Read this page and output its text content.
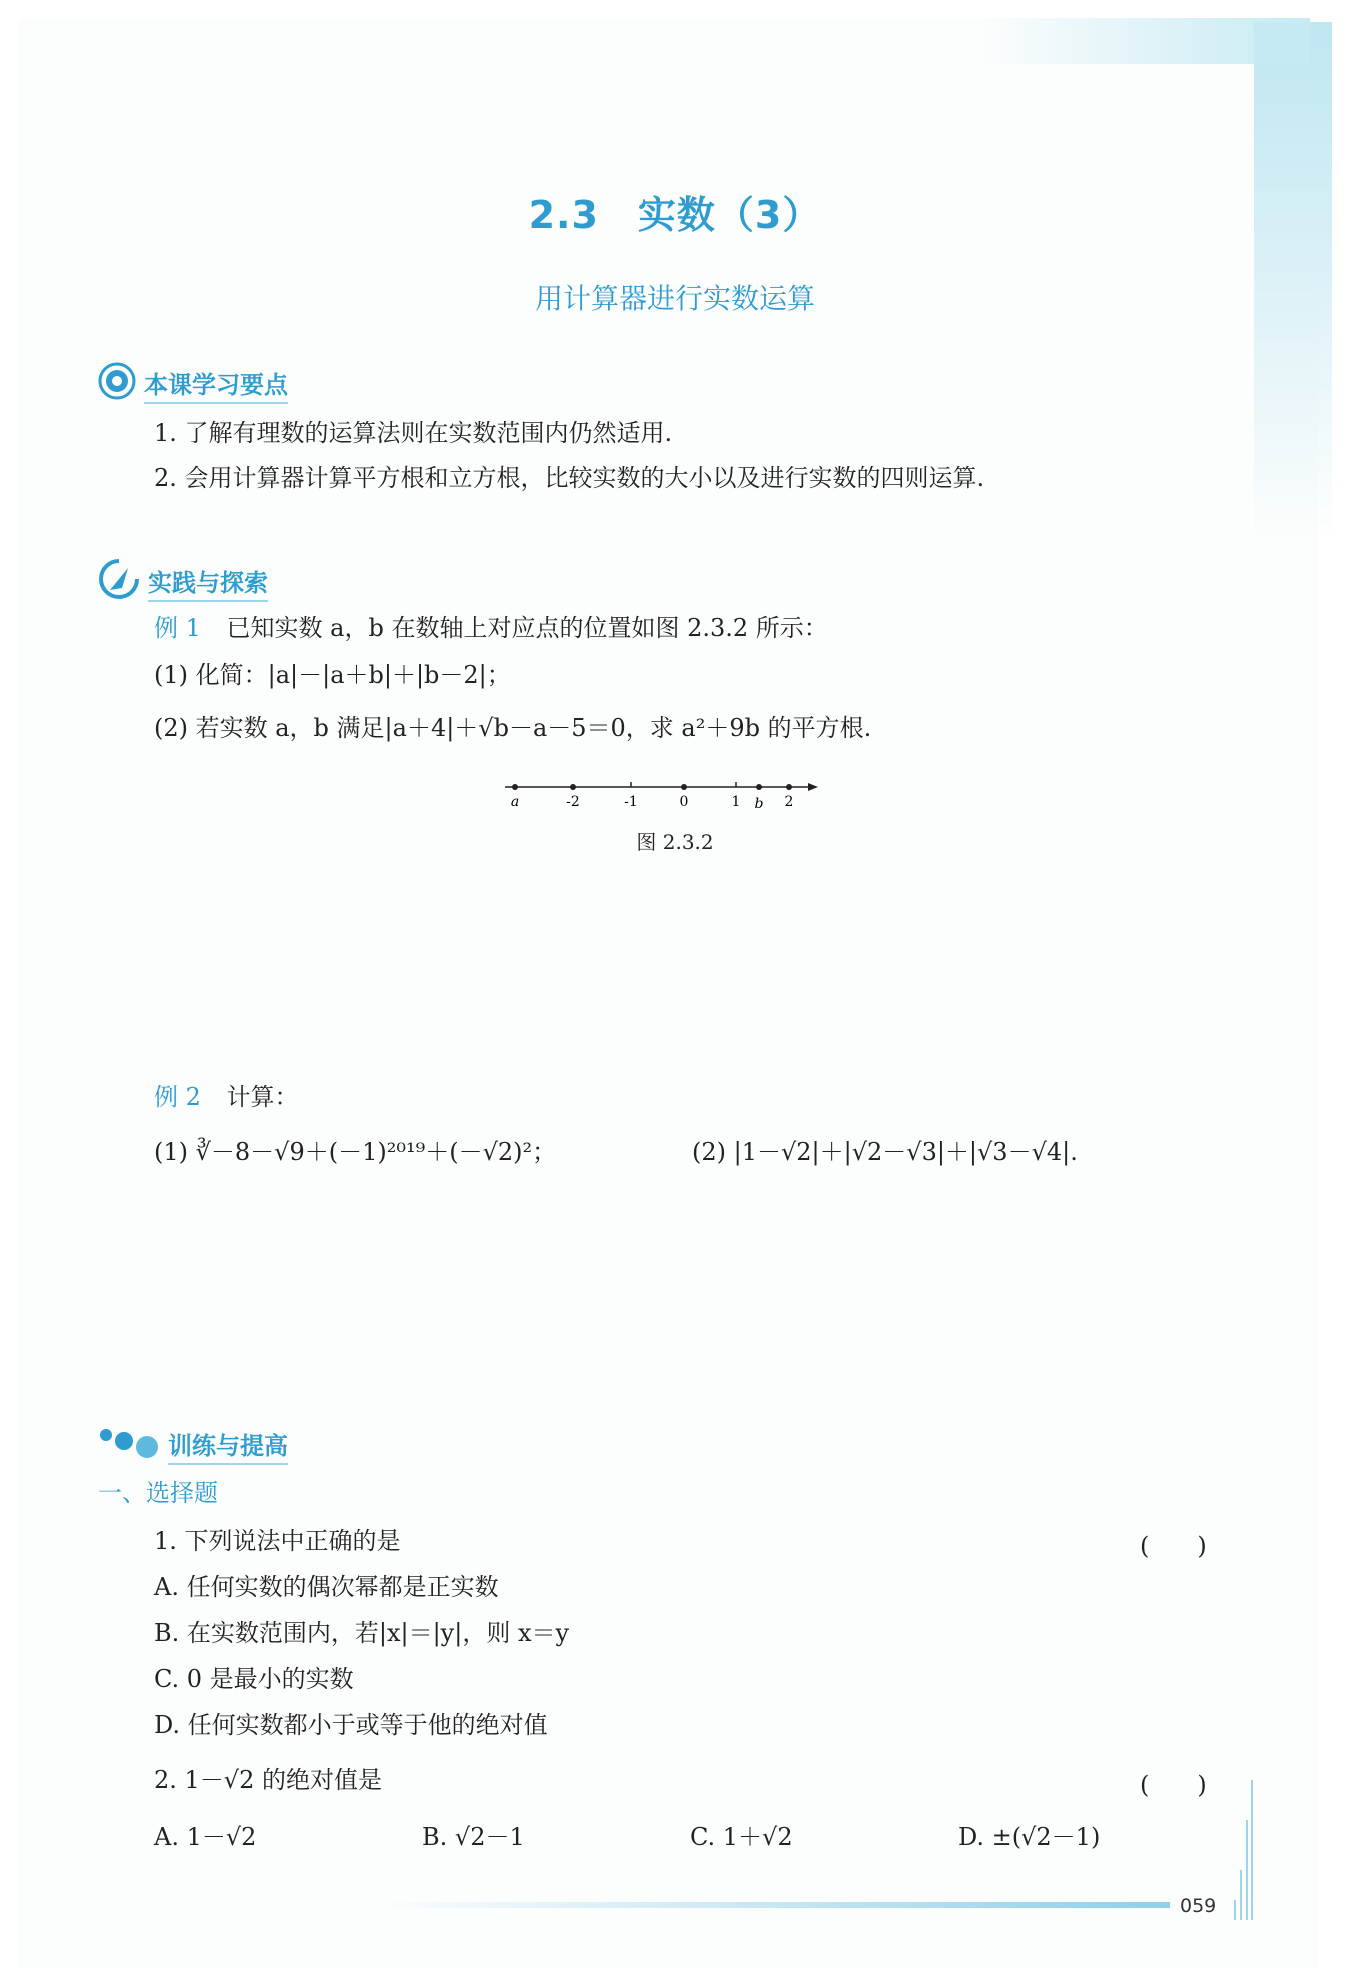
2.3　实数（3）
用计算器进行实数运算
本课学习要点
1. 了解有理数的运算法则在实数范围内仍然适用.
2. 会用计算器计算平方根和立方根，比较实数的大小以及进行实数的四则运算.
实践与探索
例 1 已知实数 a，b 在数轴上对应点的位置如图 2.3.2 所示：
(1) 化简：|a|－|a＋b|＋|b－2|；
(2) 若实数 a，b 满足|a＋4|＋√b－a－5＝0，求 a²＋9b 的平方根.
a	-2	-1	0	1 b 2
图 2.3.2
例 2 计算：
(1) ∛－8－√9＋(－1)²⁰¹⁹＋(－√2)²；	(2) |1－√2|＋|√2－√3|＋|√3－√4|.
训练与提高
一、选择题
1. 下列说法中正确的是	(　　)
A. 任何实数的偶次幂都是正实数
B. 在实数范围内，若|x|＝|y|，则 x＝y
C. 0 是最小的实数
D. 任何实数都小于或等于他的绝对值
2. 1－√2 的绝对值是	(　　)
A. 1－√2	B. √2－1	C. 1＋√2	D. ±(√2－1)
059
